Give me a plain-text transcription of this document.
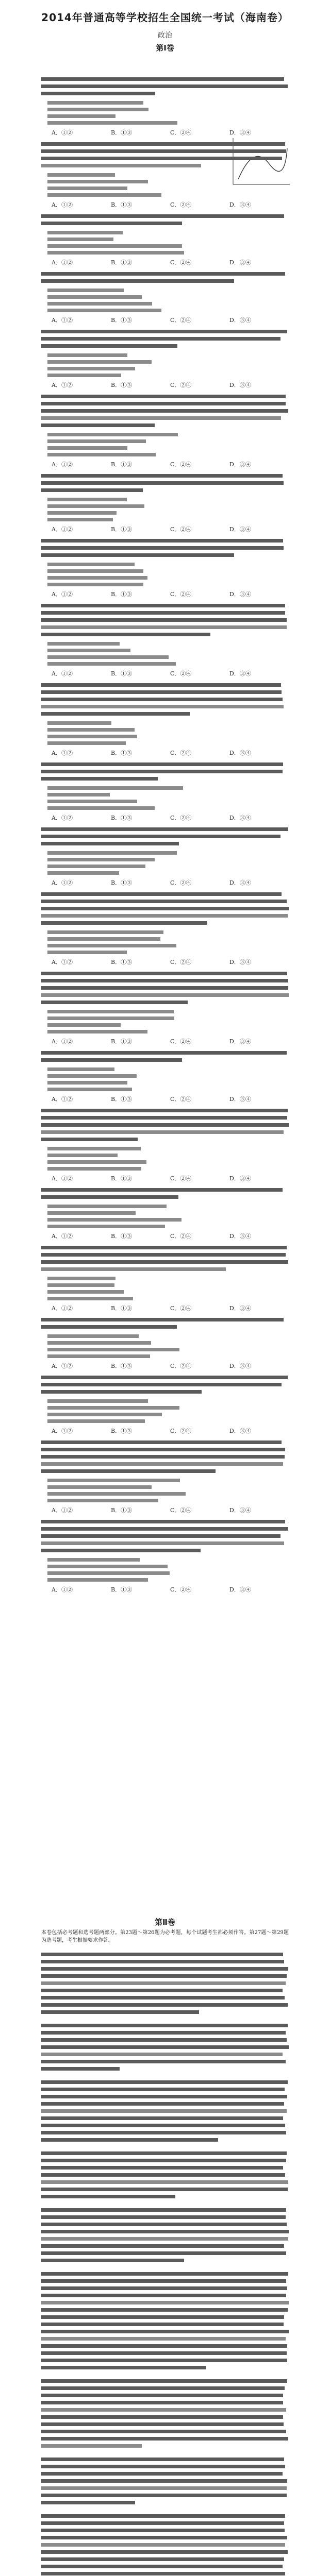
2014年普通高等学校招生全国统一考试（海南卷）
政治
第Ⅰ卷
第Ⅱ卷
本卷包括必考题和选考题两部分。第23题～第26题为必考题，每个试题考生都必须作答。第27题～第29题为选考题，考生根据要求作答。
A．①②	B．①③	C．②④	D．③④
A．①②	B．①③	C．②④	D．③④
A．①②	B．①③	C．②④	D．③④
A．①②	B．①③	C．②④	D．③④
A．①②	B．①③	C．②④	D．③④
A．①②	B．①③	C．②④	D．③④
A．①②	B．①③	C．②④	D．③④
A．①②	B．①③	C．②④	D．③④
A．①②	B．①③	C．②④	D．③④
A．①②	B．①③	C．②④	D．③④
A．①②	B．①③	C．②④	D．③④
A．①②	B．①③	C．②④	D．③④
A．①②	B．①③	C．②④	D．③④
A．①②	B．①③	C．②④	D．③④
A．①②	B．①③	C．②④	D．③④
A．①②	B．①③	C．②④	D．③④
A．①②	B．①③	C．②④	D．③④
A．①②	B．①③	C．②④	D．③④
A．①②	B．①③	C．②④	D．③④
A．①②	B．①③	C．②④	D．③④
A．①②	B．①③	C．②④	D．③④
A．①②	B．①③	C．②④	D．③④
